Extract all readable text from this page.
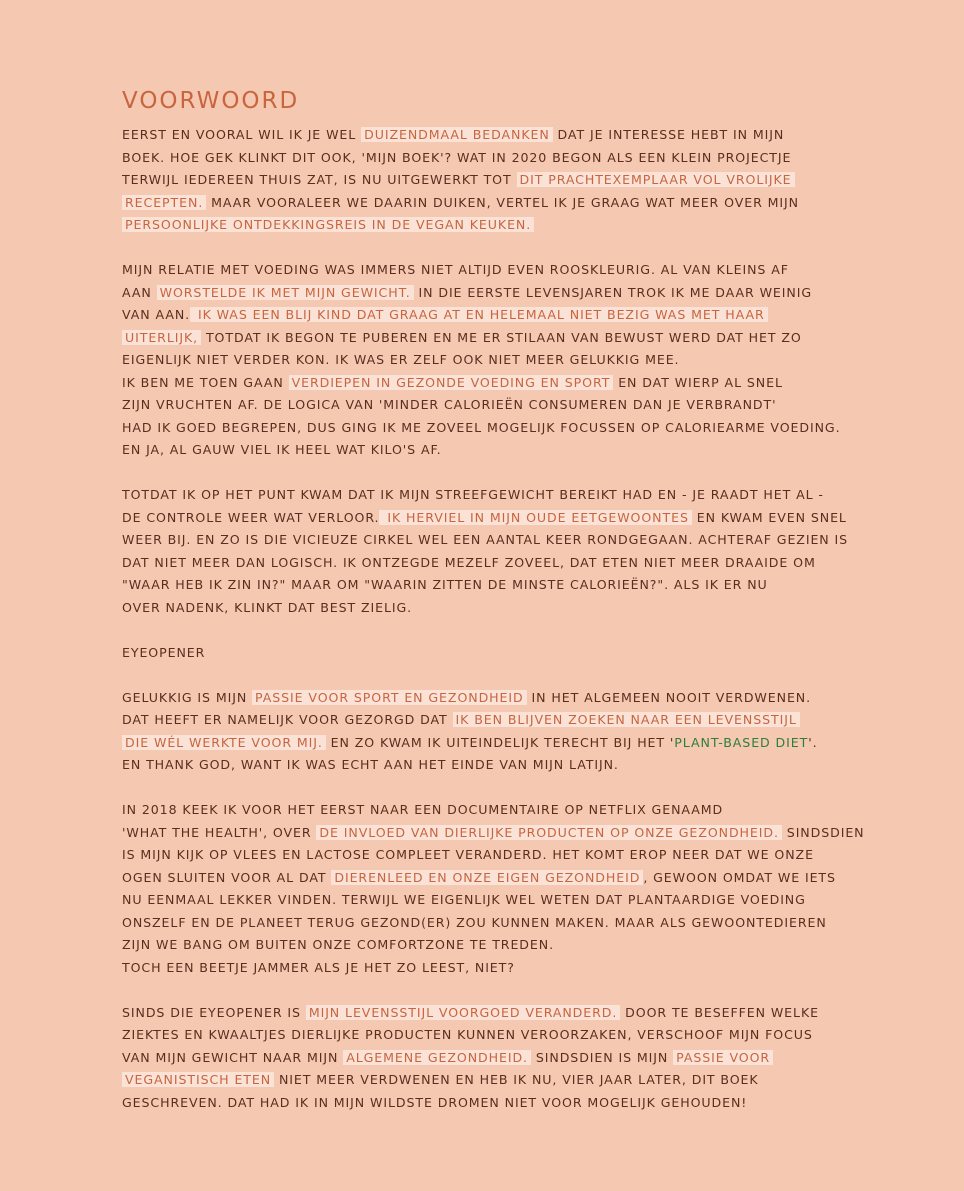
VOORWOORD
EERST EN VOORAL WIL IK JE WEL DUIZENDMAAL BEDANKEN DAT JE INTERESSE HEBT IN MIJN
BOEK. HOE GEK KLINKT DIT OOK, 'MIJN BOEK'? WAT IN 2020 BEGON ALS EEN KLEIN PROJECTJE
TERWIJL IEDEREEN THUIS ZAT, IS NU UITGEWERKT TOT DIT PRACHTEXEMPLAAR VOL VROLIJKE
RECEPTEN. MAAR VOORALEER WE DAARIN DUIKEN, VERTEL IK JE GRAAG WAT MEER OVER MIJN
PERSOONLIJKE ONTDEKKINGSREIS IN DE VEGAN KEUKEN.
MIJN RELATIE MET VOEDING WAS IMMERS NIET ALTIJD EVEN ROOSKLEURIG. AL VAN KLEINS AF
AAN WORSTELDE IK MET MIJN GEWICHT. IN DIE EERSTE LEVENSJAREN TROK IK ME DAAR WEINIG
VAN AAN. IK WAS EEN BLIJ KIND DAT GRAAG AT EN HELEMAAL NIET BEZIG WAS MET HAAR
UITERLIJK, TOTDAT IK BEGON TE PUBEREN EN ME ER STILAAN VAN BEWUST WERD DAT HET ZO
EIGENLIJK NIET VERDER KON. IK WAS ER ZELF OOK NIET MEER GELUKKIG MEE.
IK BEN ME TOEN GAAN VERDIEPEN IN GEZONDE VOEDING EN SPORT EN DAT WIERP AL SNEL
ZIJN VRUCHTEN AF. DE LOGICA VAN 'MINDER CALORIEËN CONSUMEREN DAN JE VERBRANDT'
HAD IK GOED BEGREPEN, DUS GING IK ME ZOVEEL MOGELIJK FOCUSSEN OP CALORIEARME VOEDING.
EN JA, AL GAUW VIEL IK HEEL WAT KILO'S AF.
TOTDAT IK OP HET PUNT KWAM DAT IK MIJN STREEFGEWICHT BEREIKT HAD EN - JE RAADT HET AL -
DE CONTROLE WEER WAT VERLOOR. IK HERVIEL IN MIJN OUDE EETGEWOONTES EN KWAM EVEN SNEL
WEER BIJ. EN ZO IS DIE VICIEUZE CIRKEL WEL EEN AANTAL KEER RONDGEGAAN. ACHTERAF GEZIEN IS
DAT NIET MEER DAN LOGISCH. IK ONTZEGDE MEZELF ZOVEEL, DAT ETEN NIET MEER DRAAIDE OM
"WAAR HEB IK ZIN IN?" MAAR OM "WAARIN ZITTEN DE MINSTE CALORIEËN?". ALS IK ER NU
OVER NADENK, KLINKT DAT BEST ZIELIG.
EYEOPENER
GELUKKIG IS MIJN PASSIE VOOR SPORT EN GEZONDHEID IN HET ALGEMEEN NOOIT VERDWENEN.
DAT HEEFT ER NAMELIJK VOOR GEZORGD DAT IK BEN BLIJVEN ZOEKEN NAAR EEN LEVENSSTIJL
DIE WÉL WERKTE VOOR MIJ. EN ZO KWAM IK UITEINDELIJK TERECHT BIJ HET 'PLANT-BASED DIET'.
EN THANK GOD, WANT IK WAS ECHT AAN HET EINDE VAN MIJN LATIJN.
IN 2018 KEEK IK VOOR HET EERST NAAR EEN DOCUMENTAIRE OP NETFLIX GENAAMD
'WHAT THE HEALTH', OVER DE INVLOED VAN DIERLIJKE PRODUCTEN OP ONZE GEZONDHEID. SINDSDIEN
IS MIJN KIJK OP VLEES EN LACTOSE COMPLEET VERANDERD. HET KOMT EROP NEER DAT WE ONZE
OGEN SLUITEN VOOR AL DAT DIERENLEED EN ONZE EIGEN GEZONDHEID , GEWOON OMDAT WE IETS
NU EENMAAL LEKKER VINDEN. TERWIJL WE EIGENLIJK WEL WETEN DAT PLANTAARDIGE VOEDING
ONSZELF EN DE PLANEET TERUG GEZOND(ER) ZOU KUNNEN MAKEN. MAAR ALS GEWOONTEDIEREN
ZIJN WE BANG OM BUITEN ONZE COMFORTZONE TE TREDEN.
TOCH EEN BEETJE JAMMER ALS JE HET ZO LEEST, NIET?
SINDS DIE EYEOPENER IS MIJN LEVENSSTIJL VOORGOED VERANDERD. DOOR TE BESEFFEN WELKE
ZIEKTES EN KWAALTJES DIERLIJKE PRODUCTEN KUNNEN VEROORZAKEN, VERSCHOOF MIJN FOCUS
VAN MIJN GEWICHT NAAR MIJN ALGEMENE GEZONDHEID. SINDSDIEN IS MIJN PASSIE VOOR
VEGANISTISCH ETEN NIET MEER VERDWENEN EN HEB IK NU, VIER JAAR LATER, DIT BOEK
GESCHREVEN. DAT HAD IK IN MIJN WILDSTE DROMEN NIET VOOR MOGELIJK GEHOUDEN!
